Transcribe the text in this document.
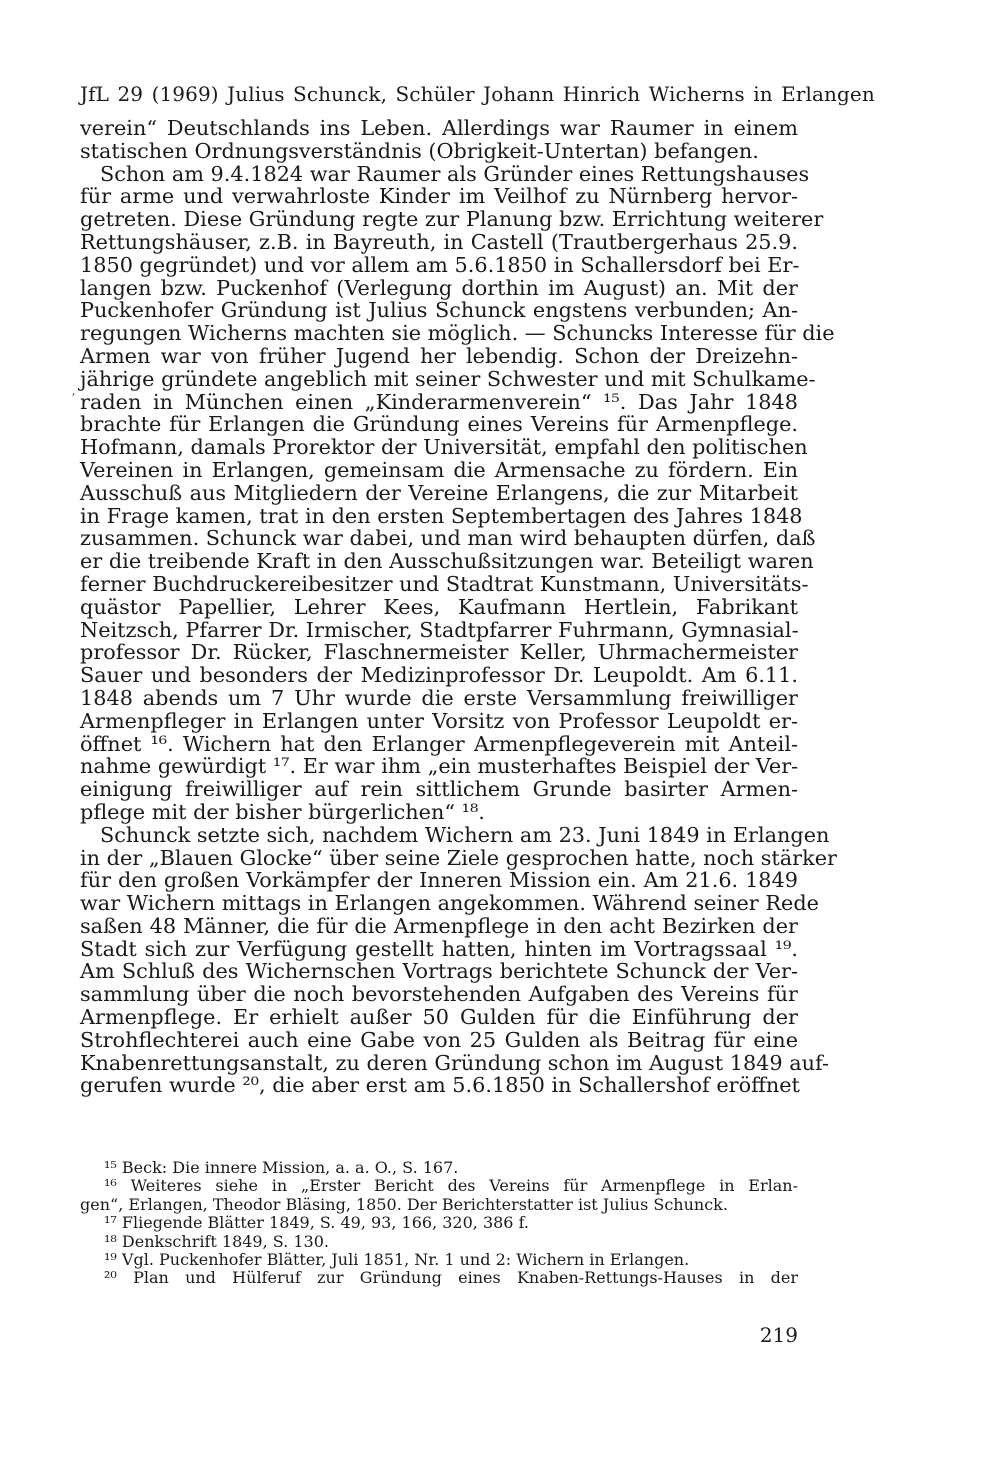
JfL 29 (1969) Julius Schunck, Schüler Johann Hinrich Wicherns in Erlangen
verein“ Deutschlands ins Leben. Allerdings war Raumer in einem
statischen Ordnungsverständnis (Obrigkeit-Untertan) befangen.
Schon am 9.4.1824 war Raumer als Gründer eines Rettungshauses
für arme und verwahrloste Kinder im Veilhof zu Nürnberg hervor-
getreten. Diese Gründung regte zur Planung bzw. Errichtung weiterer
Rettungshäuser, z.B. in Bayreuth, in Castell (Trautbergerhaus 25.9.
1850 gegründet) und vor allem am 5.6.1850 in Schallersdorf bei Er-
langen bzw. Puckenhof (Verlegung dorthin im August) an. Mit der
Puckenhofer Gründung ist Julius Schunck engstens verbunden; An-
regungen Wicherns machten sie möglich. — Schuncks Interesse für die
Armen war von früher Jugend her lebendig. Schon der Dreizehn-
jährige gründete angeblich mit seiner Schwester und mit Schulkame-
raden in München einen „Kinderarmenverein“ ¹⁵. Das Jahr 1848
brachte für Erlangen die Gründung eines Vereins für Armenpflege.
Hofmann, damals Prorektor der Universität, empfahl den politischen
Vereinen in Erlangen, gemeinsam die Armensache zu fördern. Ein
Ausschuß aus Mitgliedern der Vereine Erlangens, die zur Mitarbeit
in Frage kamen, trat in den ersten Septembertagen des Jahres 1848
zusammen. Schunck war dabei, und man wird behaupten dürfen, daß
er die treibende Kraft in den Ausschußsitzungen war. Beteiligt waren
ferner Buchdruckereibesitzer und Stadtrat Kunstmann, Universitäts-
quästor Papellier, Lehrer Kees, Kaufmann Hertlein, Fabrikant
Neitzsch, Pfarrer Dr. Irmischer, Stadtpfarrer Fuhrmann, Gymnasial-
professor Dr. Rücker, Flaschnermeister Keller, Uhrmachermeister
Sauer und besonders der Medizinprofessor Dr. Leupoldt. Am 6.11.
1848 abends um 7 Uhr wurde die erste Versammlung freiwilliger
Armenpfleger in Erlangen unter Vorsitz von Professor Leupoldt er-
öffnet ¹⁶. Wichern hat den Erlanger Armenpflegeverein mit Anteil-
nahme gewürdigt ¹⁷. Er war ihm „ein musterhaftes Beispiel der Ver-
einigung freiwilliger auf rein sittlichem Grunde basirter Armen-
pflege mit der bisher bürgerlichen“ ¹⁸.
Schunck setzte sich, nachdem Wichern am 23. Juni 1849 in Erlangen
in der „Blauen Glocke“ über seine Ziele gesprochen hatte, noch stärker
für den großen Vorkämpfer der Inneren Mission ein. Am 21.6. 1849
war Wichern mittags in Erlangen angekommen. Während seiner Rede
saßen 48 Männer, die für die Armenpflege in den acht Bezirken der
Stadt sich zur Verfügung gestellt hatten, hinten im Vortragssaal ¹⁹.
Am Schluß des Wichernschen Vortrags berichtete Schunck der Ver-
sammlung über die noch bevorstehenden Aufgaben des Vereins für
Armenpflege. Er erhielt außer 50 Gulden für die Einführung der
Strohflechterei auch eine Gabe von 25 Gulden als Beitrag für eine
Knabenrettungsanstalt, zu deren Gründung schon im August 1849 auf-
gerufen wurde ²⁰, die aber erst am 5.6.1850 in Schallershof eröffnet
ʼ
¹⁵ Beck: Die innere Mission, a. a. O., S. 167.
¹⁶ Weiteres siehe in „Erster Bericht des Vereins für Armenpflege in Erlan-
gen“, Erlangen, Theodor Bläsing, 1850. Der Berichterstatter ist Julius Schunck.
¹⁷ Fliegende Blätter 1849, S. 49, 93, 166, 320, 386 f.
¹⁸ Denkschrift 1849, S. 130.
¹⁹ Vgl. Puckenhofer Blätter, Juli 1851, Nr. 1 und 2: Wichern in Erlangen.
²⁰ Plan und Hülferuf zur Gründung eines Knaben-Rettungs-Hauses in der
219
